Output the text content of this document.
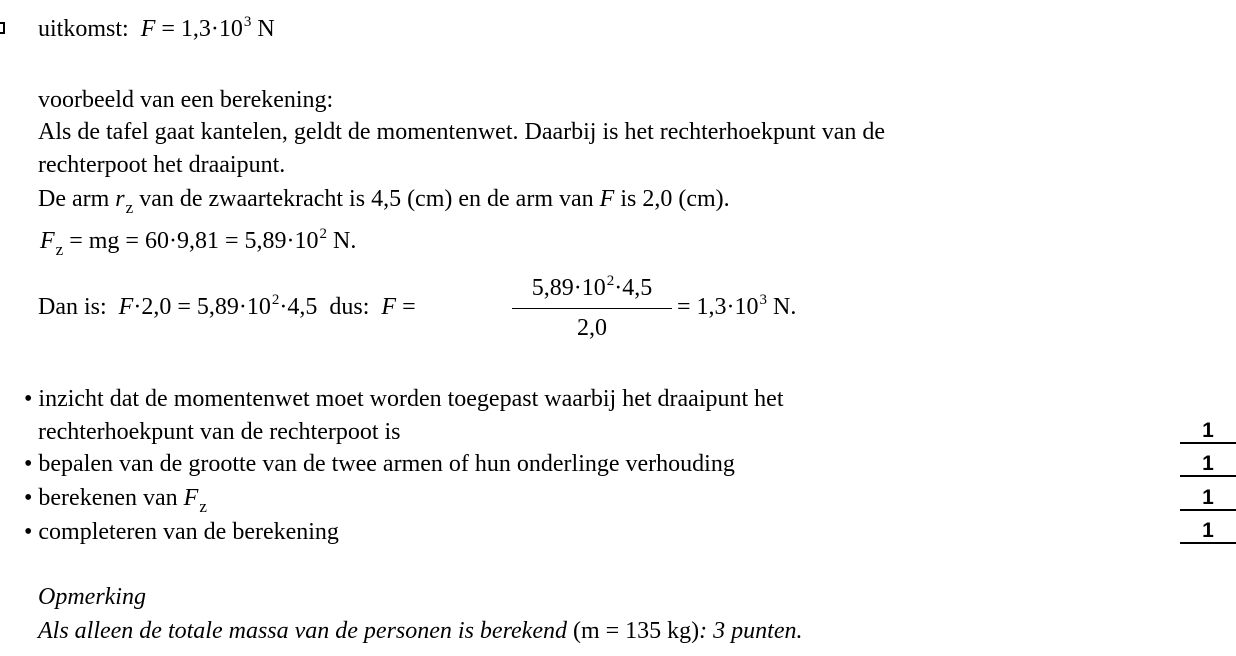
uitkomst: $F = 1,3\cdot 10^3$ N
voorbeeld van een berekening:
Als de tafel gaat kantelen, geldt de momentenwet. Daarbij is het rechterhoekpunt van de
rechterpoot het draaipunt.
De arm $r_z$ van de zwaartekracht is 4,5 (cm) en de arm van F is 2,0 (cm).
$F_z$ = mg = $60\cdot 9,81 = 5,89\cdot 10^2$ N.
Dan is: $F\cdot 2,0 = 5,89\cdot 10^2\cdot 4,5$ dus: F =
$5,89\cdot 10^2\cdot 4,5$
2,0
= $1,3\cdot 10^3$ N.
• inzicht dat de momentenwet moet worden toegepast waarbij het draaipunt het
rechterhoekpunt van de rechterpoot is
• bepalen van de grootte van de twee armen of hun onderlinge verhouding
• berekenen van $F_z$
• completeren van de berekening
1
1
1
1
Opmerking
Als alleen de totale massa van de personen is berekend (m = 135 kg): 3 punten.
